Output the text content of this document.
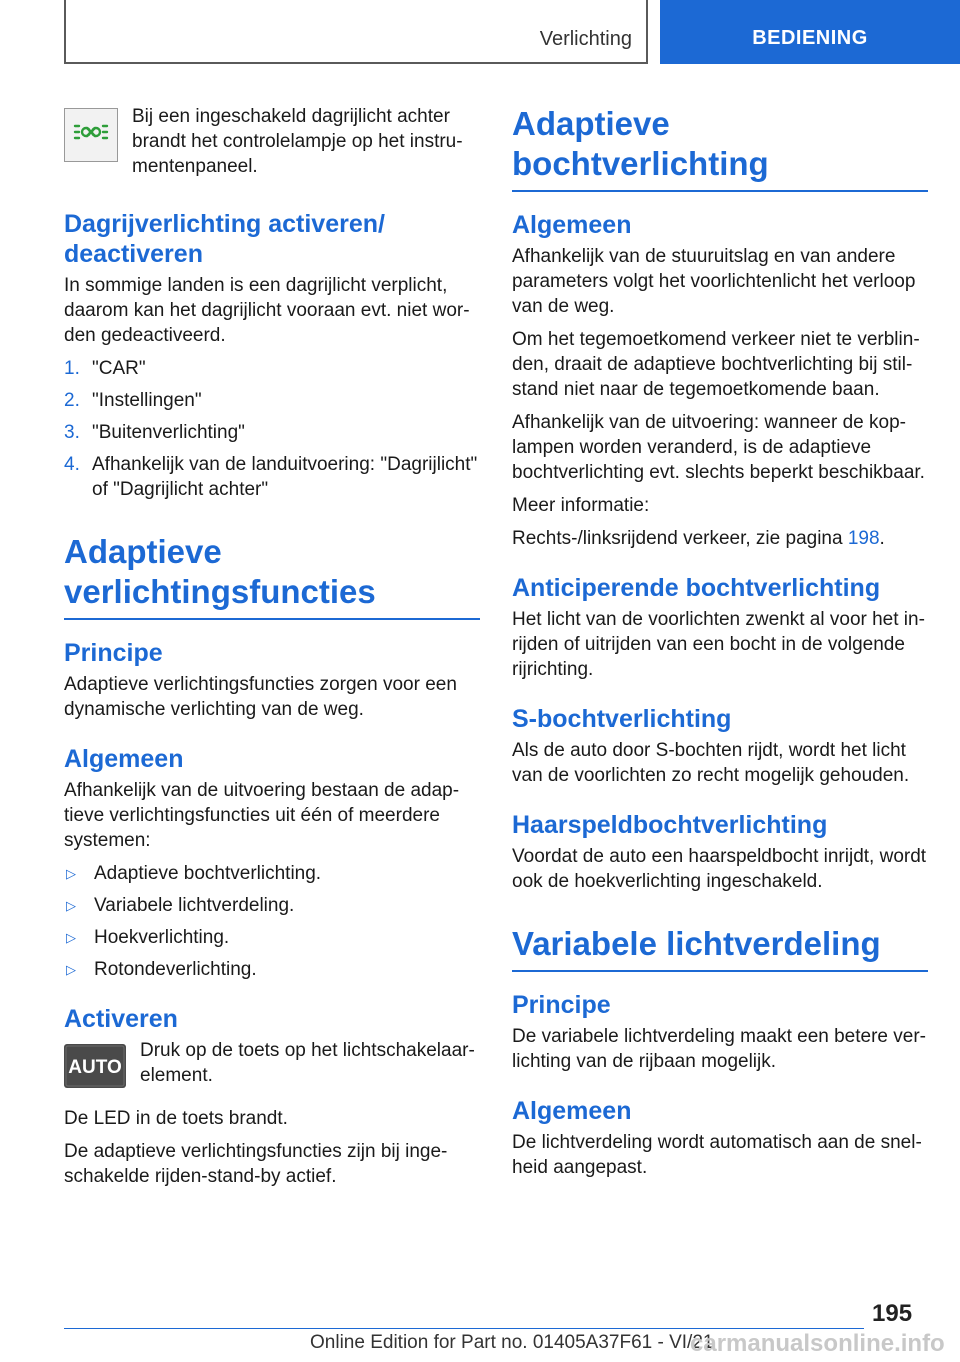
Verlichting	BEDIENING

Bij een ingeschakeld dagrijlicht achter brandt het controlelampje op het instrumentenpaneel.

Dagrijverlichting activeren/ deactiveren

In sommige landen is een dagrijlicht verplicht, daarom kan het dagrijlicht vooraan evt. niet worden gedeactiveerd.

1. "CAR"
2. "Instellingen"
3. "Buitenverlichting"
4. Afhankelijk van de landuitvoering: "Dagrijlicht" of "Dagrijlicht achter"
Adaptieve verlichtingsfuncties
Principe

Adaptieve verlichtingsfuncties zorgen voor een dynamische verlichting van de weg.

Algemeen

Afhankelijk van de uitvoering bestaan de adaptieve verlichtingsfuncties uit één of meerdere systemen:

▷ Adaptieve bochtverlichting.
▷ Variabele lichtverdeling.
▷ Hoekverlichting.
▷ Rotondeverlichting.
Activeren
AUTO

Druk op de toets op het lichtschakelaarelement.

De LED in de toets brandt.

De adaptieve verlichtingsfuncties zijn bij ingeschakelde rijden-stand-by actief.

Adaptieve bochtverlichting
Algemeen

Afhankelijk van de stuuruitslag en van andere parameters volgt het voorlichtenlicht het verloop van de weg.

Om het tegemoetkomend verkeer niet te verblinden, draait de adaptieve bochtverlichting bij stilstand niet naar de tegemoetkomende baan.

Afhankelijk van de uitvoering: wanneer de koplampen worden veranderd, is de adaptieve bochtverlichting evt. slechts beperkt beschikbaar.

Meer informatie:

Rechts-/linksrijdend verkeer, zie pagina 198.

Anticiperende bochtverlichting

Het licht van de voorlichten zwenkt al voor het inrijden of uitrijden van een bocht in de volgende rijrichting.

S-bochtverlichting

Als de auto door S-bochten rijdt, wordt het licht van de voorlichten zo recht mogelijk gehouden.

Haarspeldbochtverlichting

Voordat de auto een haarspeldbocht inrijdt, wordt ook de hoekverlichting ingeschakeld.

Variabele lichtverdeling
Principe

De variabele lichtverdeling maakt een betere verlichting van de rijbaan mogelijk.

Algemeen

De lichtverdeling wordt automatisch aan de snelheid aangepast.

195
Online Edition for Part no. 01405A37F61 - VI/21
carmanualsonline.info
